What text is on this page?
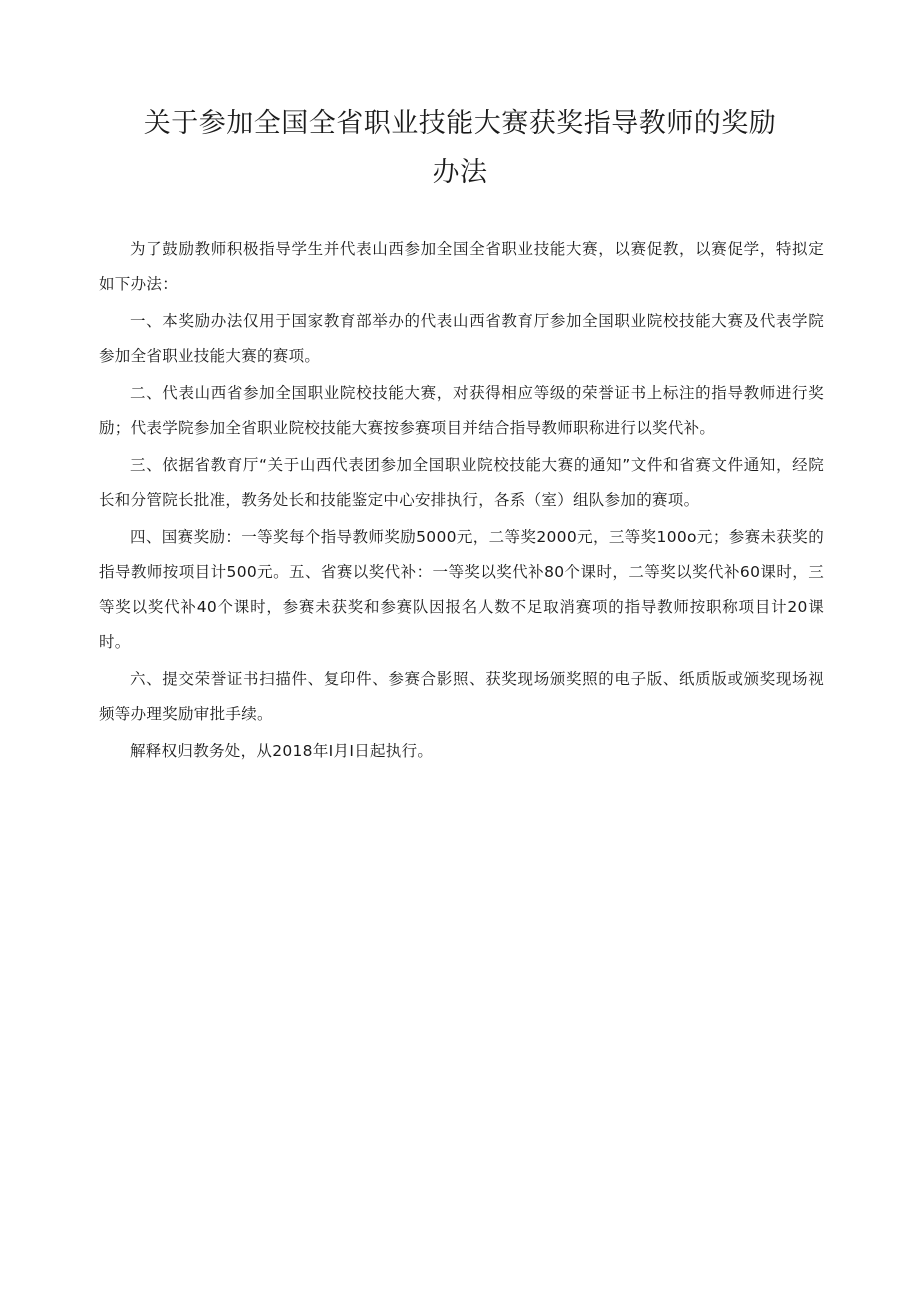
关于参加全国全省职业技能大赛获奖指导教师的奖励
办法

为了鼓励教师积极指导学生并代表山西参加全国全省职业技能大赛，以赛促教，以赛促学，特拟定如下办法：

一、本奖励办法仅用于国家教育部举办的代表山西省教育厅参加全国职业院校技能大赛及代表学院参加全省职业技能大赛的赛项。

二、代表山西省参加全国职业院校技能大赛，对获得相应等级的荣誉证书上标注的指导教师进行奖励；代表学院参加全省职业院校技能大赛按参赛项目并结合指导教师职称进行以奖代补。

三、依据省教育厅“关于山西代表团参加全国职业院校技能大赛的通知”文件和省赛文件通知，经院长和分管院长批准，教务处长和技能鉴定中心安排执行，各系（室）组队参加的赛项。

四、国赛奖励：一等奖每个指导教师奖励5000元，二等奖2000元，三等奖100o元；参赛未获奖的指导教师按项目计500元。五、省赛以奖代补：一等奖以奖代补80个课时，二等奖以奖代补60课时，三等奖以奖代补40个课时，参赛未获奖和参赛队因报名人数不足取消赛项的指导教师按职称项目计20课时。

六、提交荣誉证书扫描件、复印件、参赛合影照、获奖现场颁奖照的电子版、纸质版或颁奖现场视频等办理奖励审批手续。

解释权归教务处，从2018年I月I日起执行。
